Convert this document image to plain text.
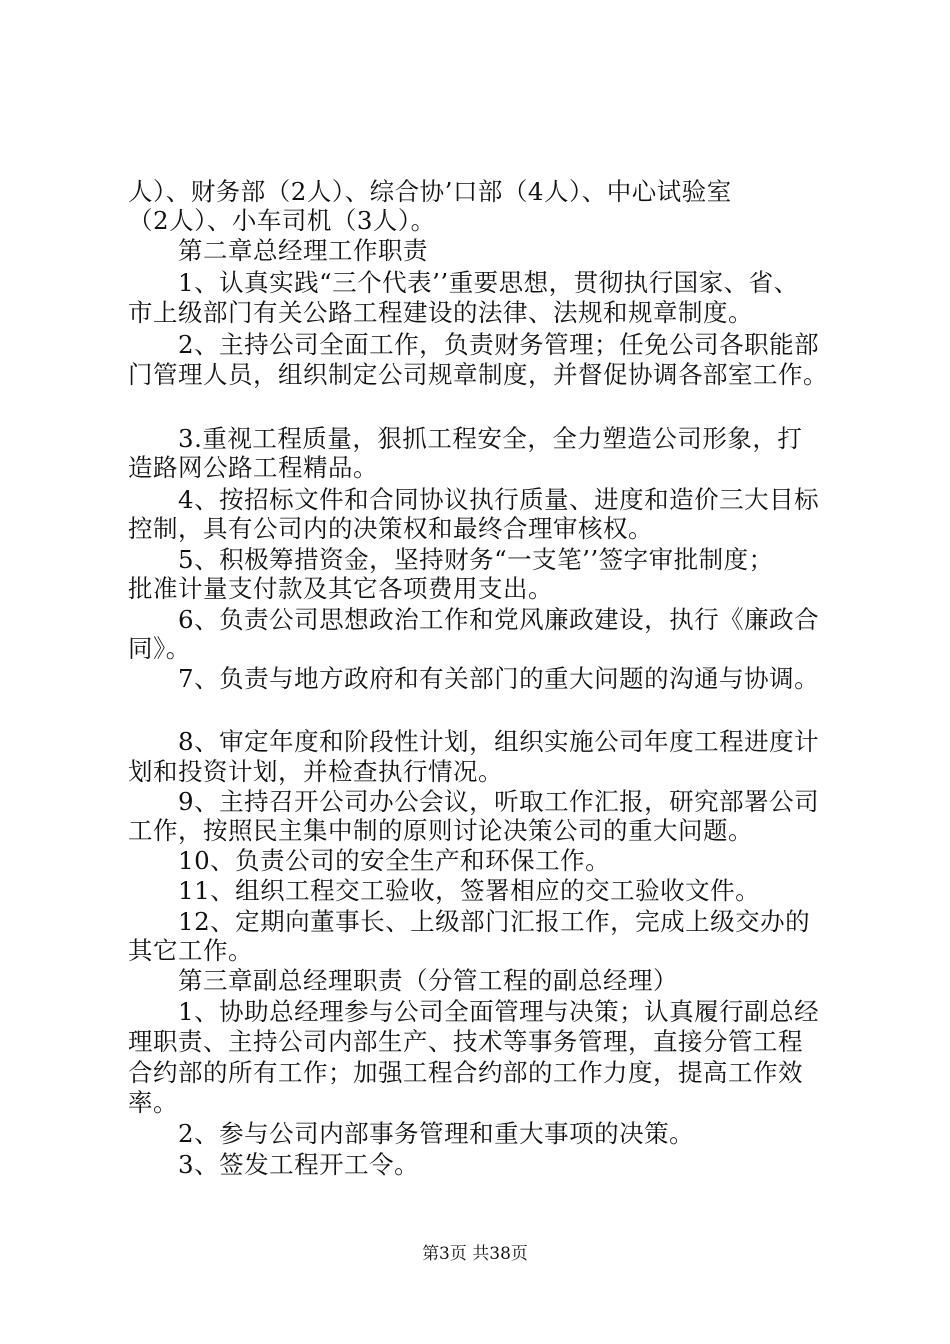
人）、财务部（2人）、综合协’口部（4人）、中心试验室
（2人）、小车司机（3人）。
第二章总经理工作职责
1、认真实践“三个代表’’重要思想，贯彻执行国家、省、
市上级部门有关公路工程建设的法律、法规和规章制度。
2、主持公司全面工作，负责财务管理；任免公司各职能部
门管理人员，组织制定公司规章制度，并督促协调各部室工作。
3.重视工程质量，狠抓工程安全，全力塑造公司形象，打
造路网公路工程精品。
4、按招标文件和合同协议执行质量、进度和造价三大目标
控制，具有公司内的决策权和最终合理审核权。
5、积极筹措资金，坚持财务“一支笔’’签字审批制度；
批准计量支付款及其它各项费用支出。
6、负责公司思想政治工作和党风廉政建设，执行《廉政合
同》。
7、负责与地方政府和有关部门的重大问题的沟通与协调。
8、审定年度和阶段性计划，组织实施公司年度工程进度计
划和投资计划，并检查执行情况。
9、主持召开公司办公会议，听取工作汇报，研究部署公司
工作，按照民主集中制的原则讨论决策公司的重大问题。
10、负责公司的安全生产和环保工作。
11、组织工程交工验收，签署相应的交工验收文件。
12、定期向董事长、上级部门汇报工作，完成上级交办的
其它工作。
第三章副总经理职责（分管工程的副总经理）
1、协助总经理参与公司全面管理与决策；认真履行副总经
理职责、主持公司内部生产、技术等事务管理，直接分管工程
合约部的所有工作；加强工程合约部的工作力度，提高工作效
率。
2、参与公司内部事务管理和重大事项的决策。
3、签发工程开工令。
第3页 共38页
